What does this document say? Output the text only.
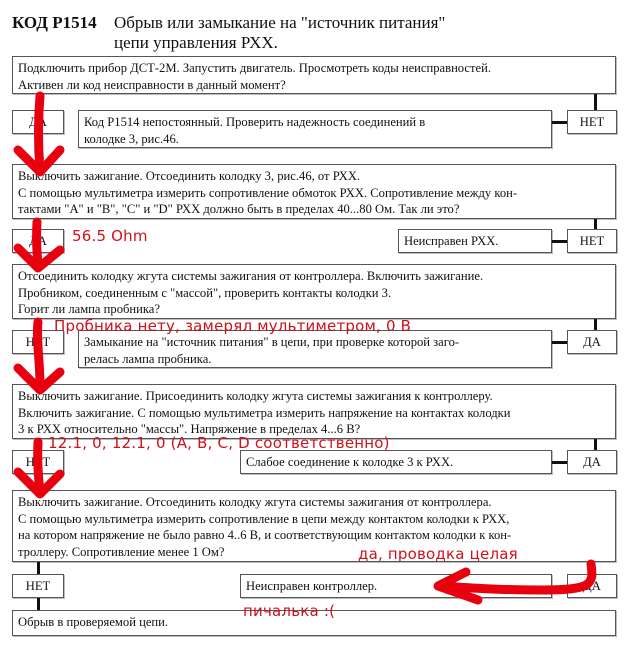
КОД P1514 Обрыв или замыкание на "источник питания"
цепи управления РХХ.

Подключить прибор ДСТ-2М. Запустить двигатель. Просмотреть коды неисправностей.

Активен ли код неисправности в данный момент?

ДА	Код P1514 непостоянный. Проверить надежность соединений в

колодке 3, рис.46.

НЕТ

Выключить зажигание. Отсоединить колодку 3, рис.46, от РХХ.

С помощью мультиметра измерить сопротивление обмоток РХХ. Сопротивление между кон-

тактами "A" и "B", "C" и "D" РХХ должно быть в пределах 40...80 Ом. Так ли это?

ДА	Неисправен РХХ.	НЕТ

Отсоединить колодку жгута системы зажигания от контроллера. Включить зажигание.

Пробником, соединенным с "массой", проверить контакты колодки 3.

Горит ли лампа пробника?

НЕТ	Замыкание на "источник питания" в цепи, при проверке которой заго-

релась лампа пробника.

ДА

Выключить зажигание. Присоединить колодку жгута системы зажигания к контроллеру.

Включить зажигание. С помощью мультиметра измерить напряжение на контактах колодки

3 к РХХ относительно "массы". Напряжение в пределах 4...6 В?

НЕТ	Слабое соединение к колодке 3 к РХХ.	ДА

Выключить зажигание. Отсоединить колодку жгута системы зажигания от контроллера.

С помощью мультиметра измерить сопротивление в цепи между контактом колодки к РХХ,

на котором напряжение не было равно 4..6 В, и соответствующим контактом колодки к кон-

троллеру. Сопротивление менее 1 Ом?

НЕТ	Неисправен контроллер.	ДА

Обрыв в проверяемой цепи.

56.5 Ohm
Пробника нету, замерял мультиметром, 0 В
12.1, 0, 12.1, 0 (A, B, C, D соответственно)
да, проводка целая
пичалька :(
